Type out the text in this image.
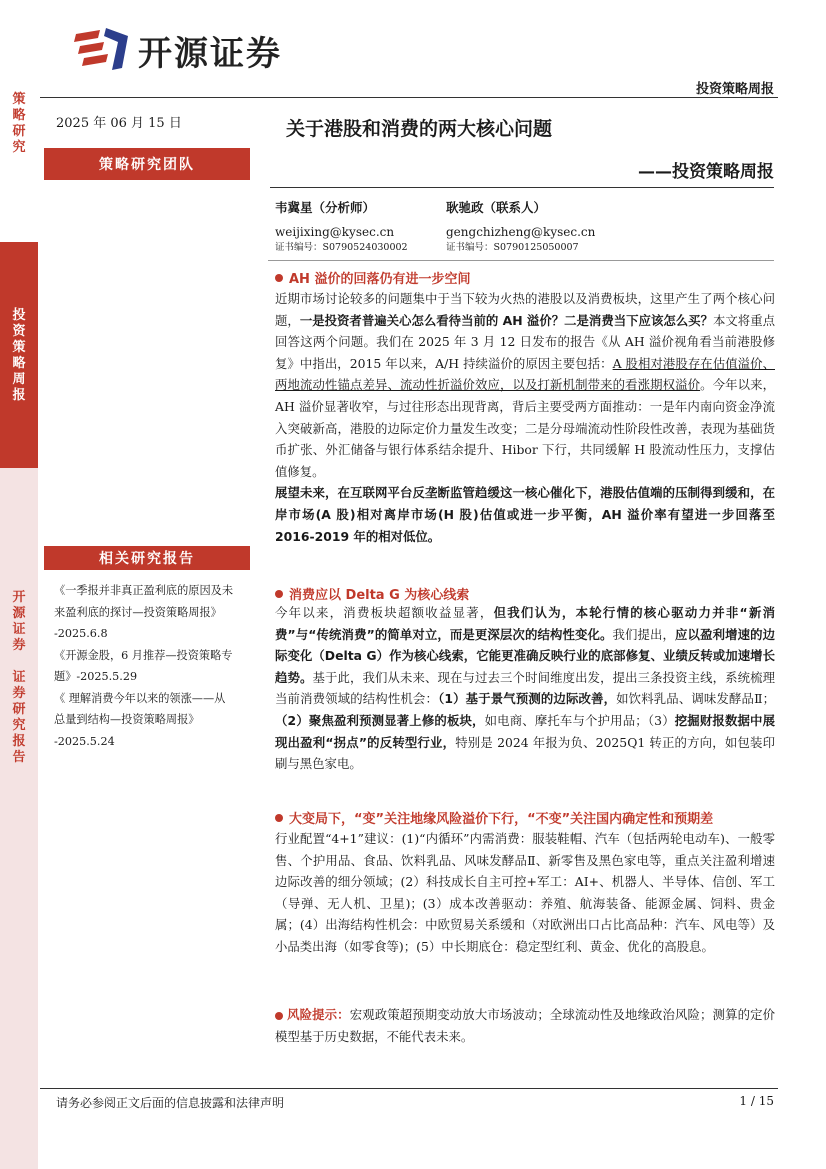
开源证券
投资策略周报
策
略
研
究
投
资
策
略
周
报
开
源
证
券

证
券
研
究
报
告
2025 年 06 月 15 日
策略研究团队
相关研究报告
《一季报并非真正盈利底的原因及未
来盈利底的探讨—投资策略周报》
-2025.6.8
《开源金股，6 月推荐—投资策略专
题》-2025.5.29
《 理解消费今年以来的领涨——从
总量到结构—投资策略周报》
-2025.5.24
关于港股和消费的两大核心问题
——投资策略周报
韦冀星（分析师）
weijixing@kysec.cn
证书编号：S0790524030002
耿驰政（联系人）
gengchizheng@kysec.cn
证书编号：S0790125050007
AH 溢价的回落仍有进一步空间
近期市场讨论较多的问题集中于当下较为火热的港股以及消费板块，这里产生了两个核心问题，一是投资者普遍关心怎么看待当前的 AH 溢价？二是消费当下应该怎么买？本文将重点回答这两个问题。我们在 2025 年 3 月 12 日发布的报告《从 AH 溢价视角看当前港股修复》中指出，2015 年以来，A/H 持续溢价的原因主要包括：A 股相对港股存在估值溢价、两地流动性锚点差异、流动性折溢价效应，以及打新机制带来的看涨期权溢价。今年以来，AH 溢价显著收窄，与过往形态出现背离，背后主要受两方面推动：一是年内南向资金净流入突破新高，港股的边际定价力量发生改变；二是分母端流动性阶段性改善，表现为基础货币扩张、外汇储备与银行体系结余提升、Hibor 下行，共同缓解 H 股流动性压力，支撑估值修复。
展望未来，在互联网平台反垄断监管趋缓这一核心催化下，港股估值端的压制得到缓和，在岸市场(A 股)相对离岸市场(H 股)估值或进一步平衡，AH 溢价率有望进一步回落至 2016-2019 年的相对低位。
消费应以 Delta G 为核心线索
今年以来，消费板块超额收益显著，但我们认为，本轮行情的核心驱动力并非“新消费”与“传统消费”的简单对立，而是更深层次的结构性变化。我们提出，应以盈利增速的边际变化（Delta G）作为核心线索，它能更准确反映行业的底部修复、业绩反转或加速增长趋势。基于此，我们从未来、现在与过去三个时间维度出发，提出三条投资主线，系统梳理当前消费领域的结构性机会：（1）基于景气预测的边际改善，如饮料乳品、调味发酵品Ⅱ；（2）聚焦盈利预测显著上修的板块，如电商、摩托车与个护用品；（3）挖掘财报数据中展现出盈利“拐点”的反转型行业，特别是 2024 年报为负、2025Q1 转正的方向，如包装印刷与黑色家电。
大变局下，“变”关注地缘风险溢价下行，“不变”关注国内确定性和预期差
行业配置“4+1”建议：(1)“内循环”内需消费：服装鞋帽、汽车（包括两轮电动车)、一般零售、个护用品、食品、饮料乳品、风味发酵品Ⅱ、新零售及黑色家电等，重点关注盈利增速边际改善的细分领域；(2）科技成长自主可控+军工：AI+、机器人、半导体、信创、军工（导弹、无人机、卫星)；(3）成本改善驱动：养殖、航海装备、能源金属、饲料、贵金属；(4）出海结构性机会：中欧贸易关系缓和（对欧洲出口占比高品种：汽车、风电等）及小品类出海（如零食等)；(5）中长期底仓：稳定型红利、黄金、优化的高股息。
风险提示：宏观政策超预期变动放大市场波动；全球流动性及地缘政治风险；测算的定价模型基于历史数据，不能代表未来。
请务必参阅正文后面的信息披露和法律声明	1 / 15
